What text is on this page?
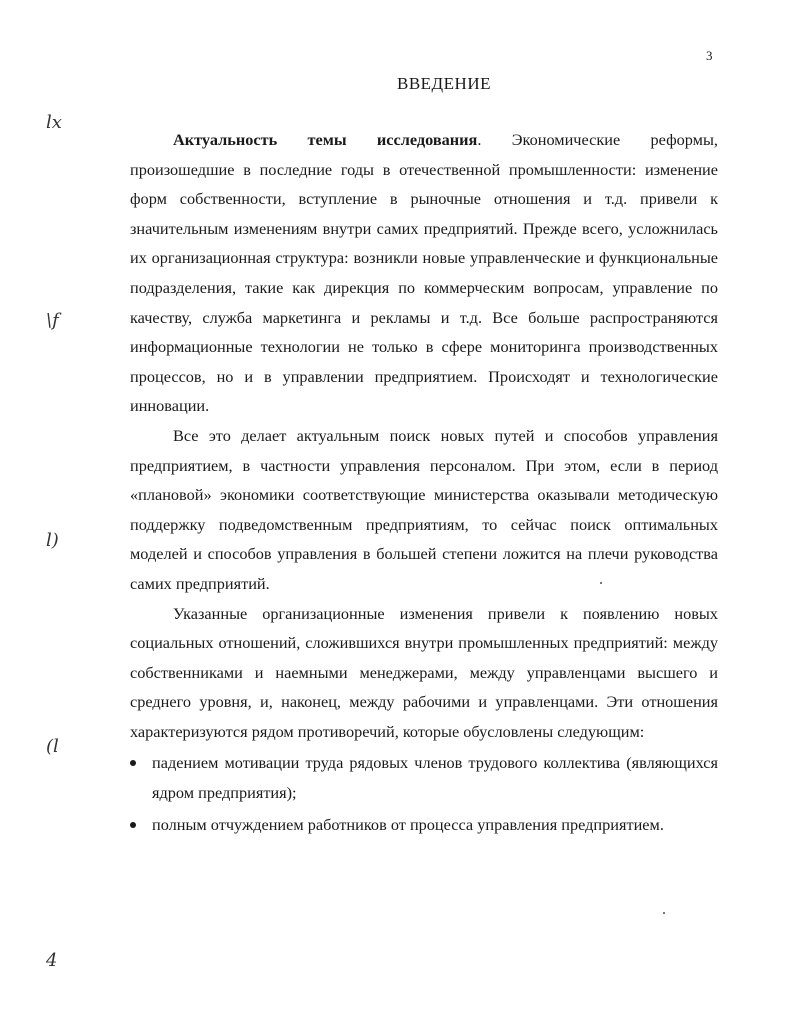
3
lx
\f
l)
(l
4
ВВЕДЕНИЕ

Актуальность темы исследования. Экономические реформы, произошедшие в последние годы в отечественной промышленности: изменение форм собственности, вступление в рыночные отношения и т.д. привели к значительным изменениям внутри самих предприятий. Прежде всего, усложнилась их организационная структура: возникли новые управленческие и функциональные подразделения, такие как дирекция по коммерческим вопросам, управление по качеству, служба маркетинга и рекламы и т.д. Все больше распространяются информационные технологии не только в сфере мониторинга производственных процессов, но и в управлении предприятием. Происходят и технологические инновации.

Все это делает актуальным поиск новых путей и способов управления предприятием, в частности управления персоналом. При этом, если в период «плановой» экономики соответствующие министерства оказывали методическую поддержку подведомственным предприятиям, то сейчас поиск оптимальных моделей и способов управления в большей степени ложится на плечи руководства самих предприятий.

Указанные организационные изменения привели к появлению новых социальных отношений, сложившихся внутри промышленных предприятий: между собственниками и наемными менеджерами, между управленцами высшего и среднего уровня, и, наконец, между рабочими и управленцами. Эти отношения характеризуются рядом противоречий, которые обусловлены следующим:

падением мотивации труда рядовых членов трудового коллектива (являющихся ядром предприятия);
полным отчуждением работников от процесса управления предприятием.
